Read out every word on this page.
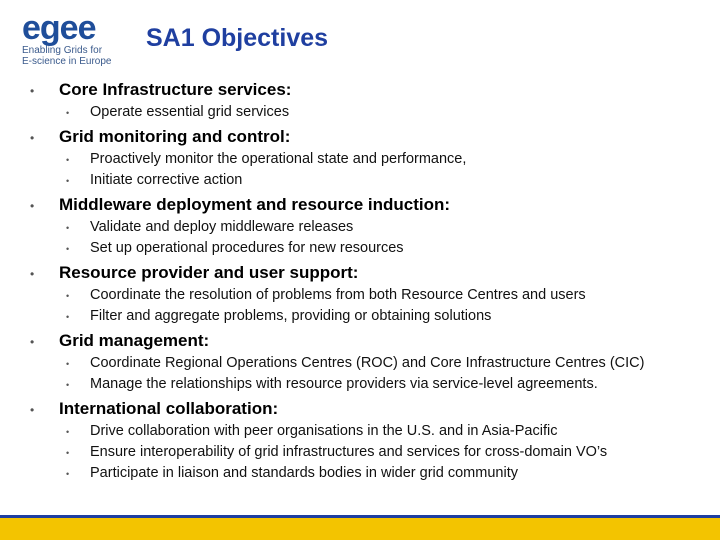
egee
Enabling Grids for
E-science in Europe
SA1 Objectives
• Core Infrastructure services:
• Operate essential grid services
• Grid monitoring and control:
• Proactively monitor the operational state and performance,
• Initiate corrective action
• Middleware deployment and resource induction:
• Validate and deploy middleware releases
• Set up operational procedures for new resources
• Resource provider and user support:
• Coordinate the resolution of problems from both Resource Centres and users
• Filter and aggregate problems, providing or obtaining solutions
• Grid management:
• Coordinate Regional Operations Centres (ROC) and Core Infrastructure Centres (CIC)
• Manage the relationships with resource providers via service-level agreements.
• International collaboration:
• Drive collaboration with peer organisations in the U.S. and in Asia-Pacific
• Ensure interoperability of grid infrastructures and services for cross-domain VO’s
• Participate in liaison and standards bodies in wider grid community
